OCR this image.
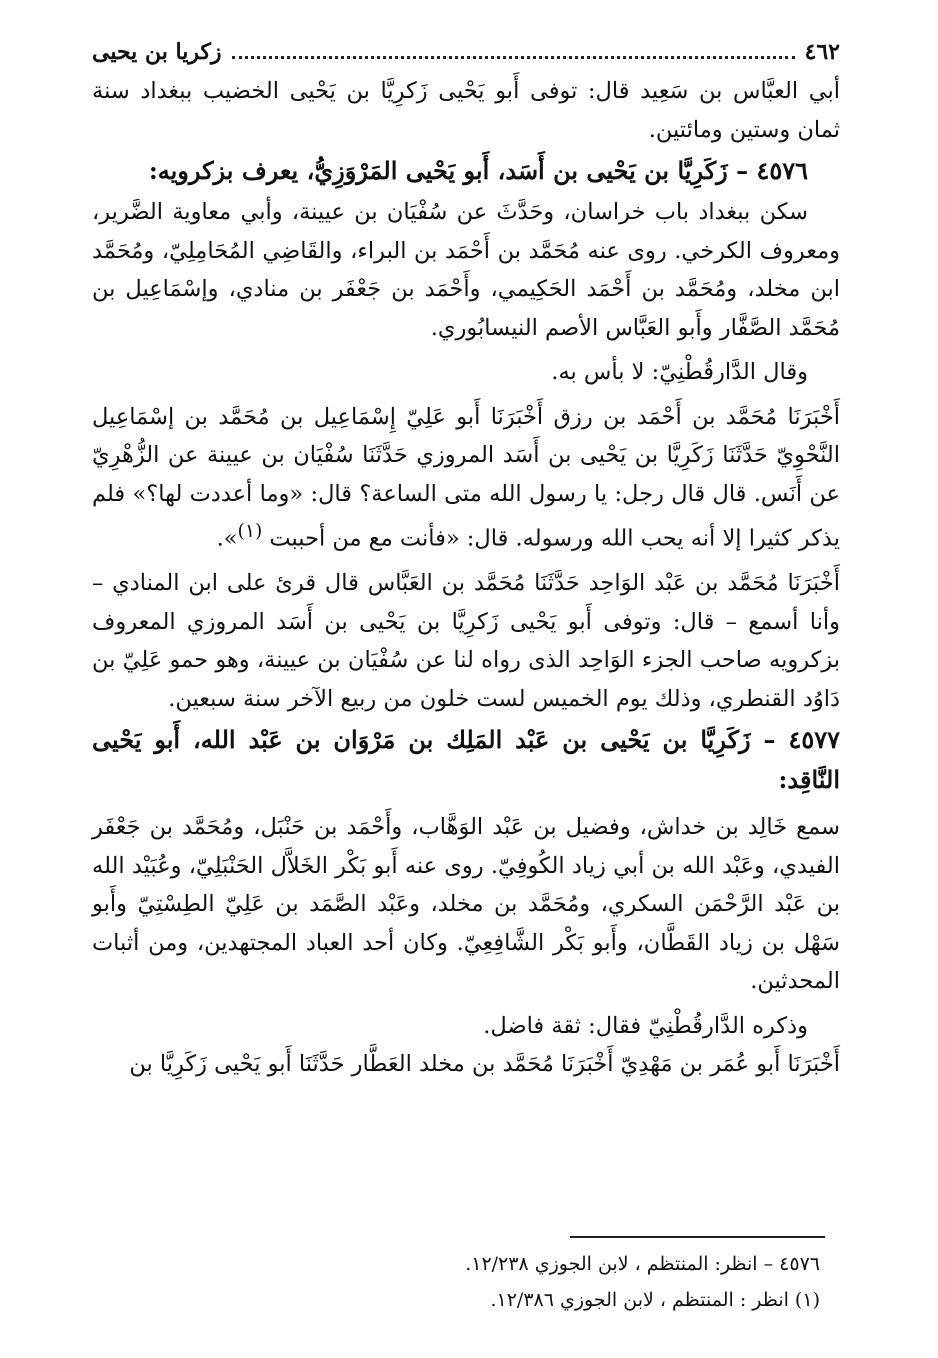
٤٦٢
زكريا بن يحيى

أبي العبَّاس بن سَعِيد قال: توفى أَبو يَحْيى زَكرِيَّا بن يَحْيى الخضيب ببغداد سنة ثمان وستين ومائتين.

٤٥٧٦ – زَكَرِيَّا بن يَحْيى بن أَسَد، أَبو يَحْيى المَرْوَزِيُّ، يعرف بزكرويه:

سكن ببغداد باب خراسان، وحَدَّثَ عن سُفْيَان بن عيينة، وأبي معاوية الضَّرير، ومعروف الكرخي. روى عنه مُحَمَّد بن أَحْمَد بن البراء، والقَاضِي المُحَامِلِيّ، ومُحَمَّد ابن مخلد، ومُحَمَّد بن أَحْمَد الحَكِيمي، وأَحْمَد بن جَعْفَر بن منادي، وإسْمَاعِيل بن مُحَمَّد الصَّفَّار وأَبو العَبَّاس الأصم النيسابُوري.

وقال الدَّارقُطْنِيّ: لا بأس به.

أَخْبَرَنَا مُحَمَّد بن أَحْمَد بن رزق أَخْبَرَنَا أَبو عَلِيّ إِسْمَاعِيل بن مُحَمَّد بن إسْمَاعِيل النَّحْوِيّ حَدَّثَنَا زَكَرِيَّا بن يَحْيى بن أَسَد المروزي حَدَّثَنَا سُفْيَان بن عيينة عن الزُّهْرِيّ عن أَنَس. قال قال رجل: يا رسول الله متى الساعة؟ قال: «وما أعددت لها؟» فلم يذكر كثيرا إلا أنه يحب الله ورسوله. قال: «فأنت مع من أحببت $^{(١)}$».

أَخْبَرَنَا مُحَمَّد بن عَبْد الوَاحِد حَدَّثَنَا مُحَمَّد بن العَبَّاس قال قرئ على ابن المنادي – وأنا أسمع – قال: وتوفى أَبو يَحْيى زَكرِيَّا بن يَحْيى بن أَسَد المروزي المعروف بزكرويه صاحب الجزء الوَاحِد الذى رواه لنا عن سُفْيَان بن عيينة، وهو حمو عَلِيّ بن دَاوُد القنطري، وذلك يوم الخميس لست خلون من ربيع الآخر سنة سبعين.

٤٥٧٧ – زَكَرِيَّا بن يَحْيى بن عَبْد المَلِك بن مَرْوَان بن عَبْد الله، أَبو يَحْيى النَّاقِد:

سمع خَالِد بن خداش، وفضيل بن عَبْد الوَهَّاب، وأَحْمَد بن حَنْبَل، ومُحَمَّد بن جَعْفَر الفيدي، وعَبْد الله بن أبي زياد الكُوفِيّ. روى عنه أَبو بَكْر الخَلاَّل الحَنْبَلِيّ، وعُبَيْد الله بن عَبْد الرَّحْمَن السكري، ومُحَمَّد بن مخلد، وعَبْد الصَّمَد بن عَلِيّ الطِسْتِيّ وأَبو سَهْل بن زياد القَطَّان، وأَبو بَكْر الشَّافِعِيّ. وكان أحد العباد المجتهدين، ومن أثبات المحدثين.

وذكره الدَّارقُطْنِيّ فقال: ثقة فاضل.

أَخْبَرَنَا أَبو عُمَر بن مَهْدِيّ أَخْبَرَنَا مُحَمَّد بن مخلد العَطَّار حَدَّثَنَا أَبو يَحْيى زَكَرِيَّا بن

٤٥٧٦ – انظر: المنتظم ، لابن الجوزي ١٢/٢٣٨.

(١) انظر : المنتظم ، لابن الجوزي ١٢/٣٨٦.
